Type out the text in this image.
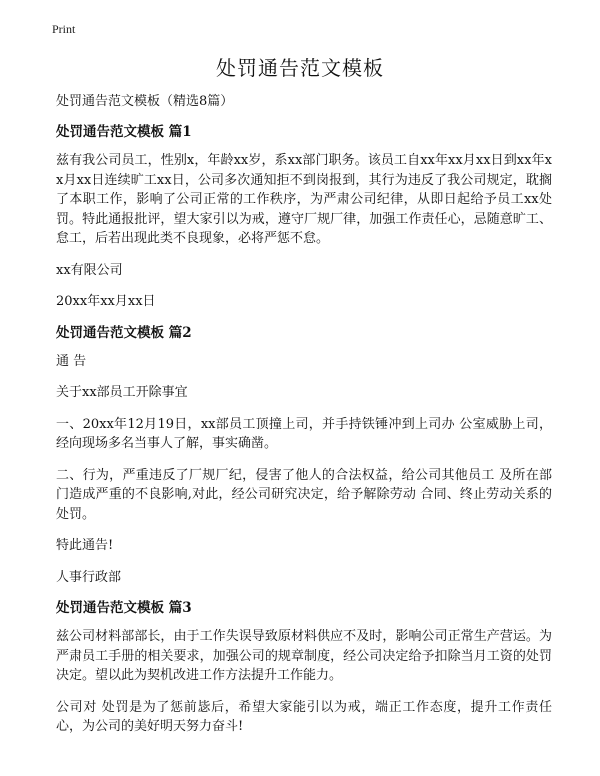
Print
处罚通告范文模板
处罚通告范文模板（精选8篇）
处罚通告范文模板 篇1

兹有我公司员工，性别x，年龄xx岁，系xx部门职务。该员工自xx年xx月xx日到xx年xx月xx日连续旷工xx日，公司多次通知拒不到岗报到，其行为违反了我公司规定，耽搁了本职工作，影响了公司正常的工作秩序，为严肃公司纪律，从即日起给予员工xx处罚。特此通报批评，望大家引以为戒，遵守厂规厂律，加强工作责任心，忌随意旷工、怠工，后若出现此类不良现象，必将严惩不怠。

xx有限公司

20xx年xx月xx日

处罚通告范文模板 篇2

通 告

关于xx部员工开除事宜

一、20xx年12月19日，xx部员工顶撞上司，并手持铁锤冲到上司办 公室威胁上司，经向现场多名当事人了解，事实确凿。

二、行为，严重违反了厂规厂纪，侵害了他人的合法权益，给公司其他员工 及所在部门造成严重的不良影响,对此，经公司研究决定，给予解除劳动 合同、终止劳动关系的处罚。

特此通告!

人事行政部

处罚通告范文模板 篇3

兹公司材料部部长，由于工作失误导致原材料供应不及时，影响公司正常生产营运。为严肃员工手册的相关要求，加强公司的规章制度，经公司决定给予扣除当月工资的处罚决定。望以此为契机改进工作方法提升工作能力。

公司对 处罚是为了惩前毖后，希望大家能引以为戒，端正工作态度，提升工作责任心，为公司的美好明天努力奋斗!
